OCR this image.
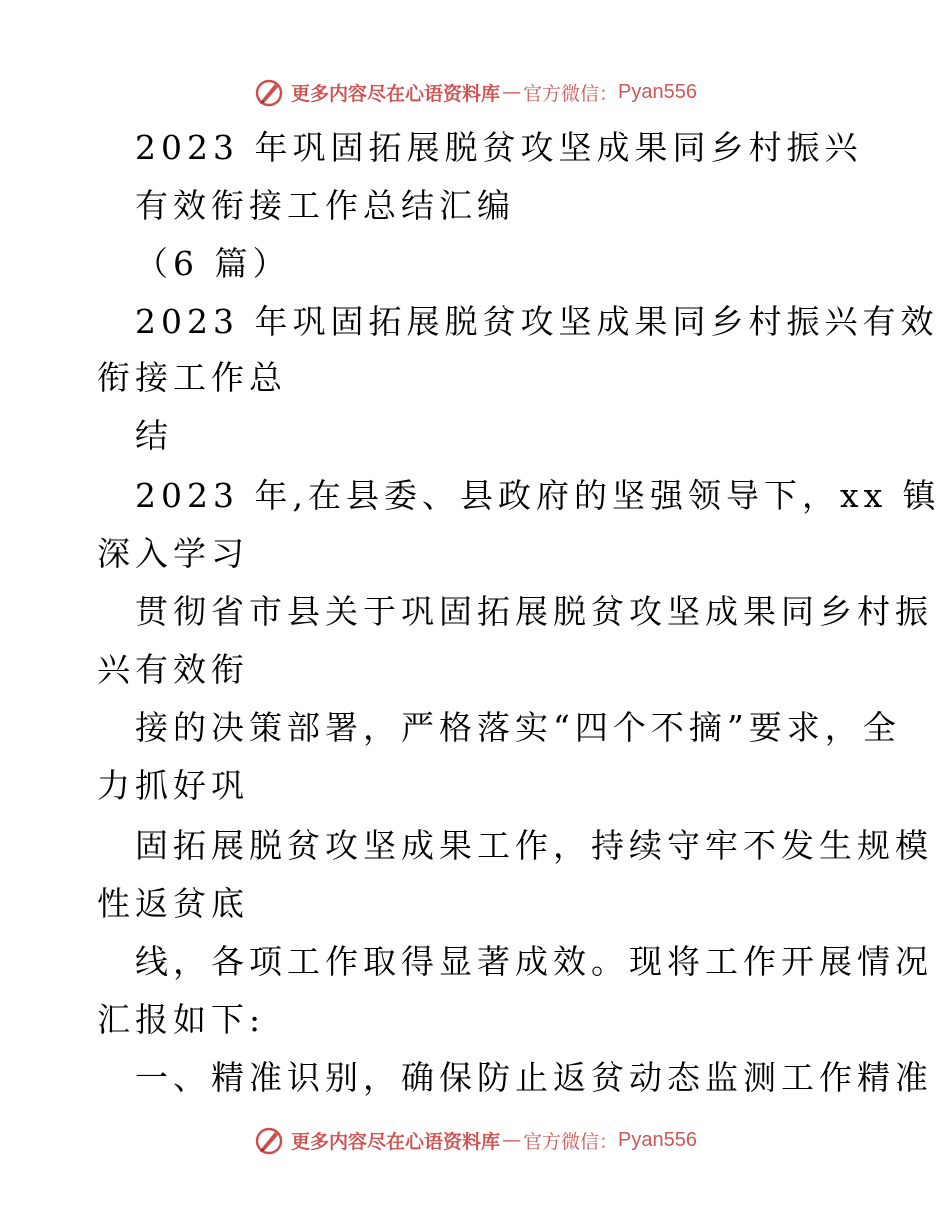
更多内容尽在心语资料库 — 官方微信： Pyan556
2023 年巩固拓展脱贫攻坚成果同乡村振兴
有效衔接工作总结汇编
（6 篇）
2023 年巩固拓展脱贫攻坚成果同乡村振兴有效
衔接工作总
结
2023 年,在县委、县政府的坚强领导下，xx 镇
深入学习
贯彻省市县关于巩固拓展脱贫攻坚成果同乡村振
兴有效衔
接的决策部署，严格落实“四个不摘”要求，全
力抓好巩
固拓展脱贫攻坚成果工作，持续守牢不发生规模
性返贫底
线，各项工作取得显著成效。现将工作开展情况
汇报如下:
一、精准识别，确保防止返贫动态监测工作精准
更多内容尽在心语资料库 — 官方微信： Pyan556
